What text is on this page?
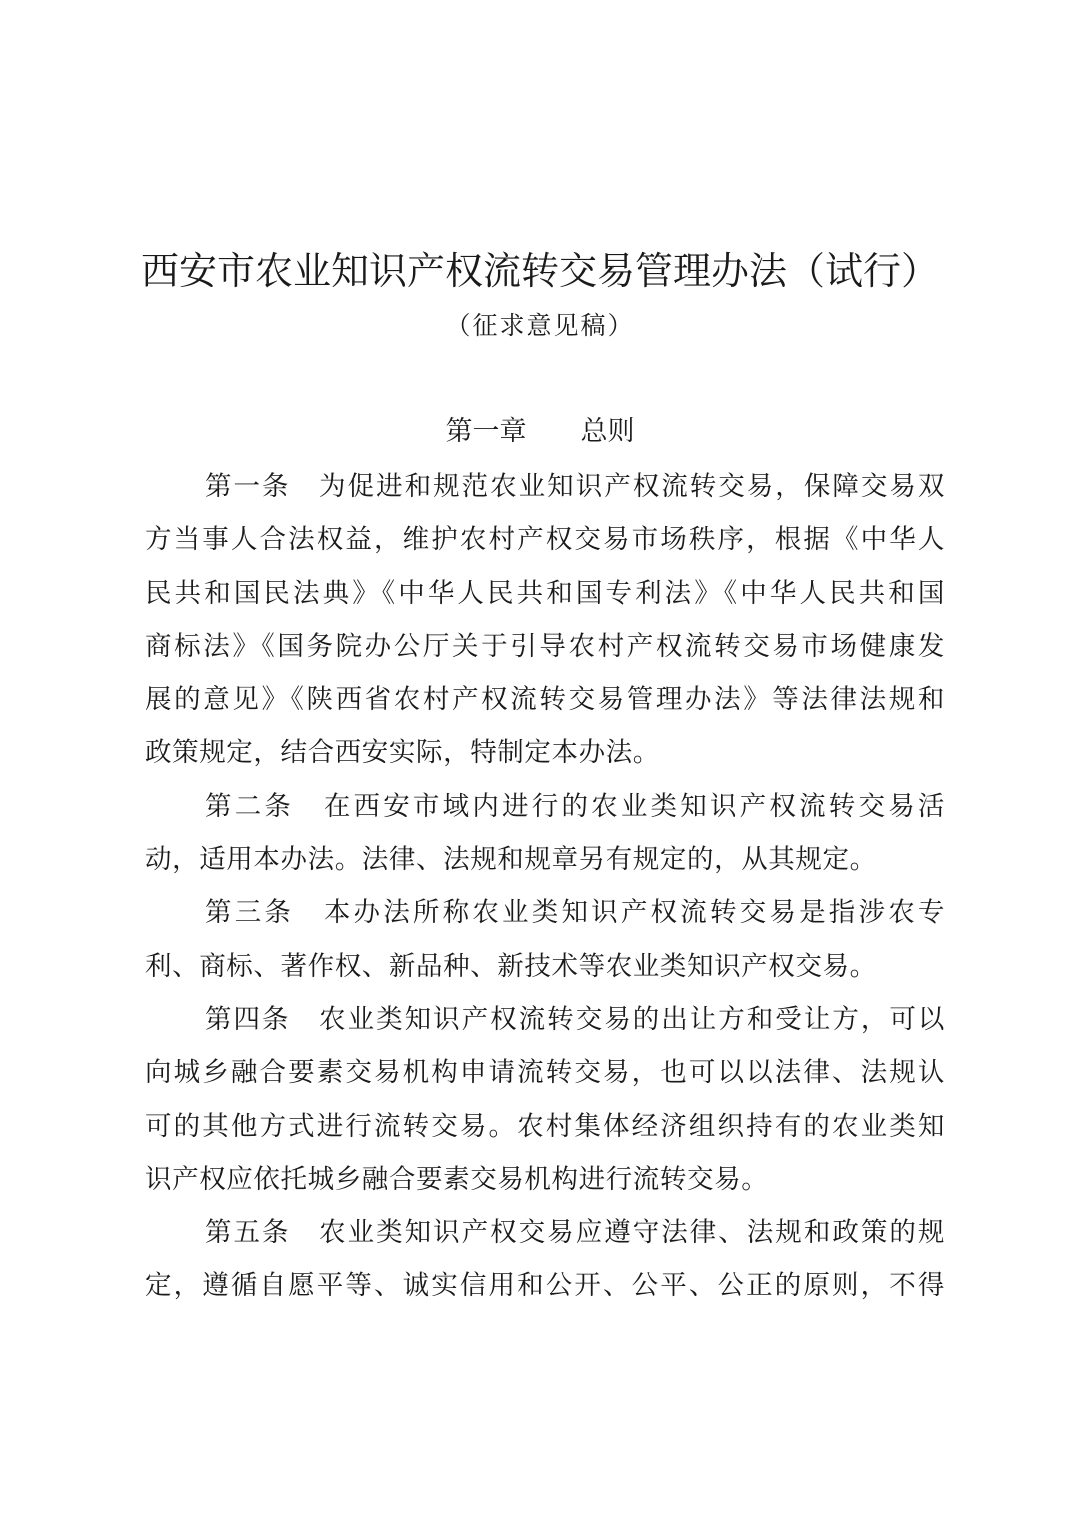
西安市农业知识产权流转交易管理办法（试行）
（征求意见稿）
第一章　　总则
第一条　为促进和规范农业知识产权流转交易，保障交易双
方当事人合法权益，维护农村产权交易市场秩序，根据《中华人
民共和国民法典》《中华人民共和国专利法》《中华人民共和国
商标法》《国务院办公厅关于引导农村产权流转交易市场健康发
展的意见》《陕西省农村产权流转交易管理办法》等法律法规和
政策规定，结合西安实际，特制定本办法。
第二条　在西安市域内进行的农业类知识产权流转交易活
动，适用本办法。法律、法规和规章另有规定的，从其规定。
第三条　本办法所称农业类知识产权流转交易是指涉农专
利、商标、著作权、新品种、新技术等农业类知识产权交易。
第四条　农业类知识产权流转交易的出让方和受让方，可以
向城乡融合要素交易机构申请流转交易，也可以以法律、法规认
可的其他方式进行流转交易。农村集体经济组织持有的农业类知
识产权应依托城乡融合要素交易机构进行流转交易。
第五条　农业类知识产权交易应遵守法律、法规和政策的规
定，遵循自愿平等、诚实信用和公开、公平、公正的原则，不得
